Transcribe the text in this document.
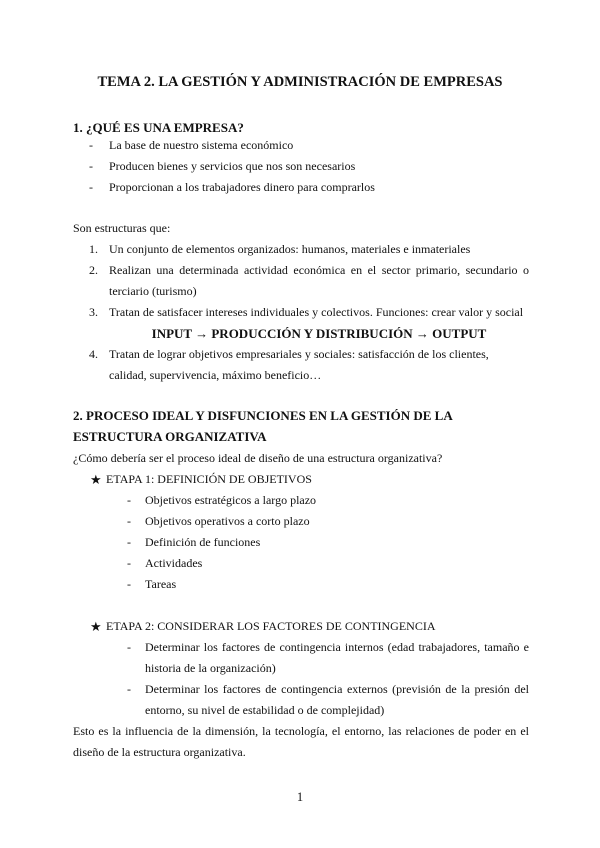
TEMA 2. LA GESTIÓN Y ADMINISTRACIÓN DE EMPRESAS
1. ¿QUÉ ES UNA EMPRESA?
- La base de nuestro sistema económico
- Producen bienes y servicios que nos son necesarios
- Proporcionan a los trabajadores dinero para comprarlos
Son estructuras que:
1. Un conjunto de elementos organizados: humanos, materiales e inmateriales
2. Realizan una determinada actividad económica en el sector primario, secundario o terciario (turismo)
3. Tratan de satisfacer intereses individuales y colectivos. Funciones: crear valor y social
INPUT → PRODUCCIÓN Y DISTRIBUCIÓN → OUTPUT
4. Tratan de lograr objetivos empresariales y sociales: satisfacción de los clientes, calidad, supervivencia, máximo beneficio…
2. PROCESO IDEAL Y DISFUNCIONES EN LA GESTIÓN DE LA ESTRUCTURA ORGANIZATIVA
¿Cómo debería ser el proceso ideal de diseño de una estructura organizativa?
★ ETAPA 1: DEFINICIÓN DE OBJETIVOS
- Objetivos estratégicos a largo plazo
- Objetivos operativos a corto plazo
- Definición de funciones
- Actividades
- Tareas
★ ETAPA 2: CONSIDERAR LOS FACTORES DE CONTINGENCIA
- Determinar los factores de contingencia internos (edad trabajadores, tamaño e historia de la organización)
- Determinar los factores de contingencia externos (previsión de la presión del entorno, su nivel de estabilidad o de complejidad)
Esto es la influencia de la dimensión, la tecnología, el entorno, las relaciones de poder en el diseño de la estructura organizativa.
1
